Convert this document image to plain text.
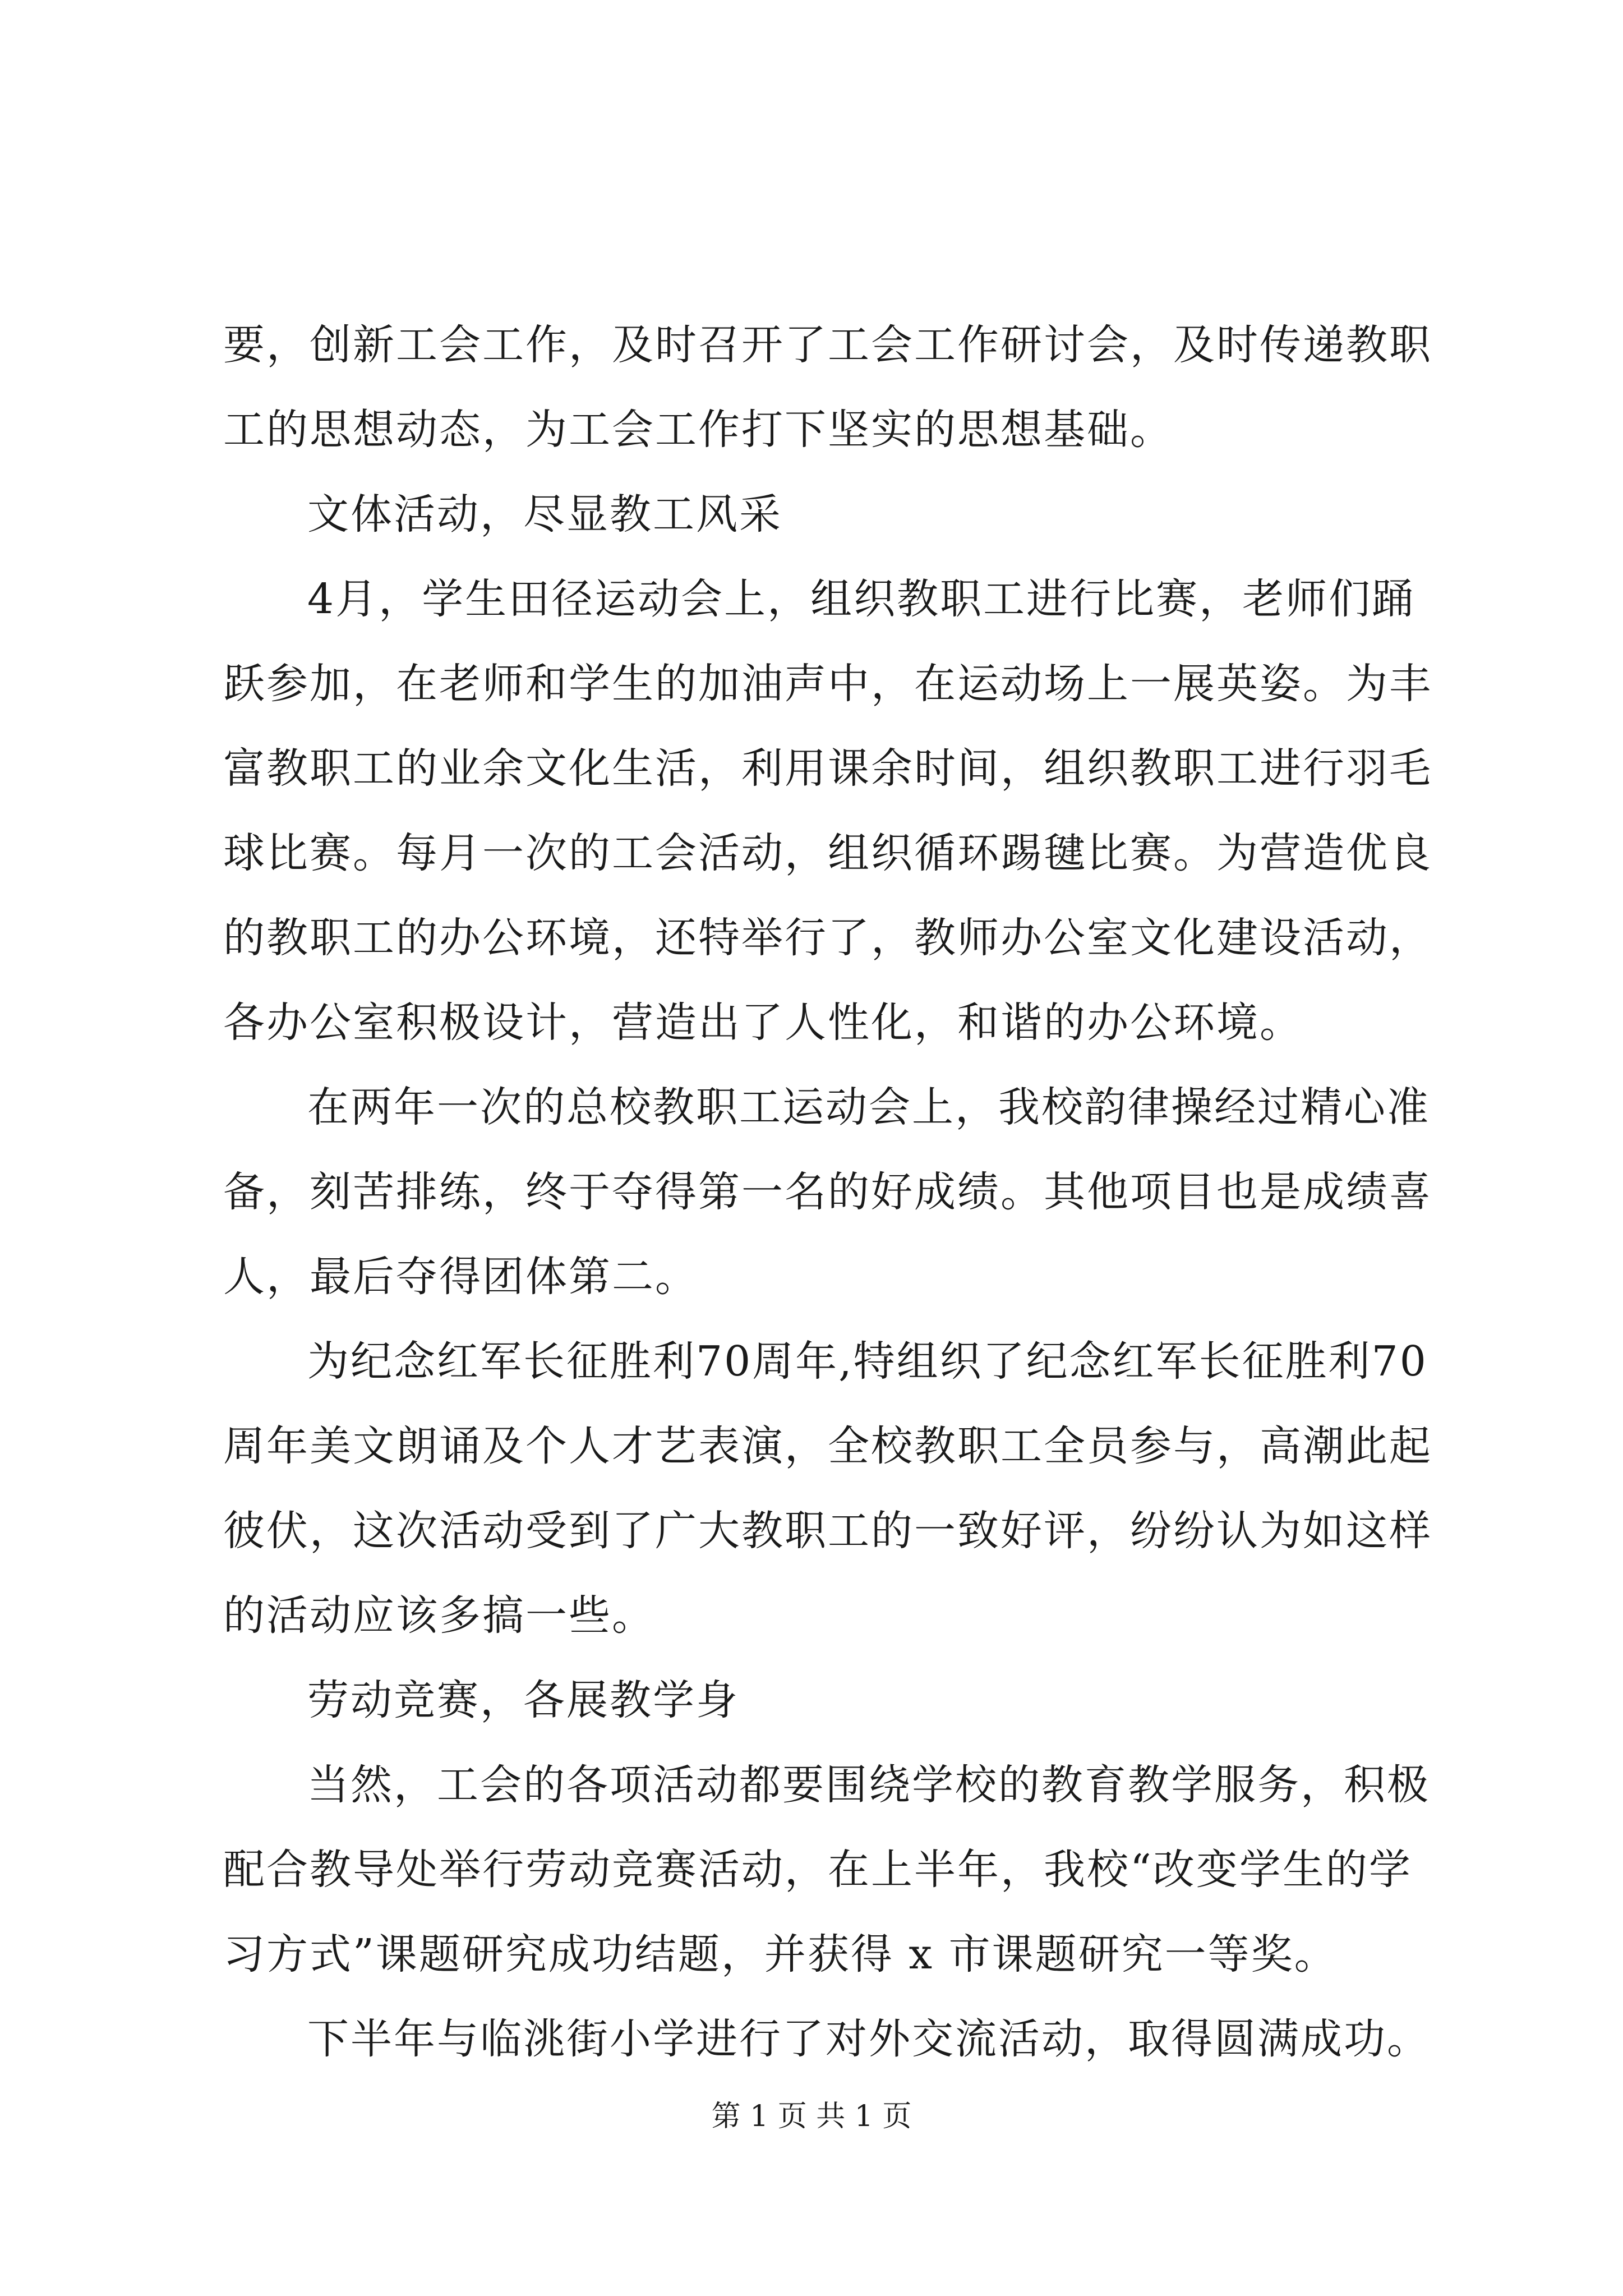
要，创新工会工作，及时召开了工会工作研讨会，及时传递教职
工的思想动态，为工会工作打下坚实的思想基础。
文体活动，尽显教工风采
4月，学生田径运动会上，组织教职工进行比赛，老师们踊
跃参加，在老师和学生的加油声中，在运动场上一展英姿。为丰
富教职工的业余文化生活，利用课余时间，组织教职工进行羽毛
球比赛。每月一次的工会活动，组织循环踢毽比赛。为营造优良
的教职工的办公环境，还特举行了，教师办公室文化建设活动，
各办公室积极设计，营造出了人性化，和谐的办公环境。
在两年一次的总校教职工运动会上，我校韵律操经过精心准
备，刻苦排练，终于夺得第一名的好成绩。其他项目也是成绩喜
人，最后夺得团体第二。
为纪念红军长征胜利70周年,特组织了纪念红军长征胜利70
周年美文朗诵及个人才艺表演，全校教职工全员参与，高潮此起
彼伏，这次活动受到了广大教职工的一致好评，纷纷认为如这样
的活动应该多搞一些。
劳动竞赛，各展教学身
当然，工会的各项活动都要围绕学校的教育教学服务，积极
配合教导处举行劳动竞赛活动，在上半年，我校“改变学生的学
习方式”课题研究成功结题，并获得 x 市课题研究一等奖。
下半年与临洮街小学进行了对外交流活动，取得圆满成功。
第 1 页 共 1 页
